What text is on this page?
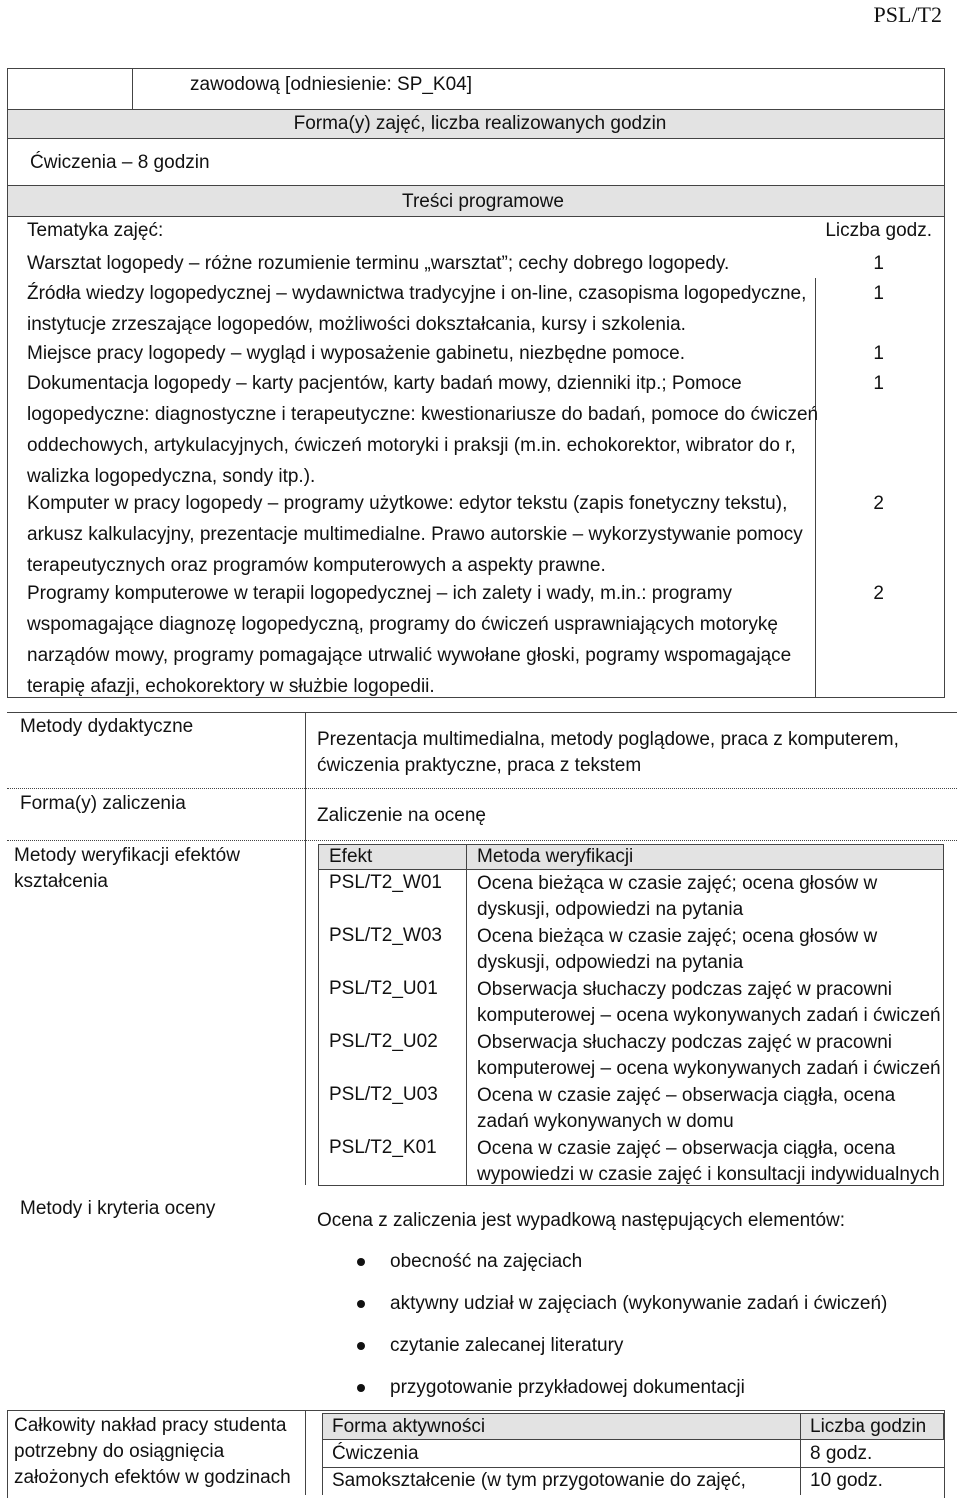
PSL/T2
zawodową [odniesienie: SP_K04]
Forma(y) zajęć, liczba realizowanych godzin
Ćwiczenia – 8 godzin
Treści programowe
Tematyka zajęć:	Liczba godz.
Warsztat logopedy – różne rozumienie terminu „warsztat”; cechy dobrego logopedy.	1
Źródła wiedzy logopedycznej – wydawnictwa tradycyjne i on-line, czasopisma logopedyczne,
instytucje zrzeszające logopedów, możliwości dokształcania, kursy i szkolenia.
1
Miejsce pracy logopedy – wygląd i wyposażenie gabinetu, niezbędne pomoce.	1
Dokumentacja logopedy – karty pacjentów, karty badań mowy, dzienniki itp.; Pomoce
logopedyczne: diagnostyczne i terapeutyczne: kwestionariusze do badań, pomoce do ćwiczeń
oddechowych, artykulacyjnych, ćwiczeń motoryki i praksji (m.in. echokorektor, wibrator do r,
walizka logopedyczna, sondy itp.).
1
Komputer w pracy logopedy – programy użytkowe: edytor tekstu (zapis fonetyczny tekstu),
arkusz kalkulacyjny, prezentacje multimedialne. Prawo autorskie – wykorzystywanie pomocy
terapeutycznych oraz programów komputerowych a aspekty prawne.
2
Programy komputerowe w terapii logopedycznej – ich zalety i wady, m.in.: programy
wspomagające diagnozę logopedyczną, programy do ćwiczeń usprawniających motorykę
narządów mowy, programy pomagające utrwalić wywołane głoski, pogramy wspomagające
terapię afazji, echokorektory w służbie logopedii.
2
Metody dydaktyczne
Prezentacja multimedialna, metody poglądowe, praca z komputerem,
ćwiczenia praktyczne, praca z tekstem
Forma(y) zaliczenia
Zaliczenie na ocenę
Metody weryfikacji efektów
kształcenia
Efekt	Metoda weryfikacji
PSL/T2_W01 Ocena bieżąca w czasie zajęć; ocena głosów w
dyskusji, odpowiedzi na pytania
PSL/T2_W03 Ocena bieżąca w czasie zajęć; ocena głosów w
dyskusji, odpowiedzi na pytania
PSL/T2_U01 Obserwacja słuchaczy podczas zajęć w pracowni
komputerowej – ocena wykonywanych zadań i ćwiczeń
PSL/T2_U02 Obserwacja słuchaczy podczas zajęć w pracowni
komputerowej – ocena wykonywanych zadań i ćwiczeń
PSL/T2_U03 Ocena w czasie zajęć – obserwacja ciągła, ocena
zadań wykonywanych w domu
PSL/T2_K01 Ocena w czasie zajęć – obserwacja ciągła, ocena
wypowiedzi w czasie zajęć i konsultacji indywidualnych
Metody i kryteria oceny
Ocena z zaliczenia jest wypadkową następujących elementów:
obecność na zajęciach
aktywny udział w zajęciach (wykonywanie zadań i ćwiczeń)
czytanie zalecanej literatury
przygotowanie przykładowej dokumentacji
Całkowity nakład pracy studenta
potrzebny do osiągnięcia
założonych efektów w godzinach
Forma aktywności	Liczba godzin
Ćwiczenia	8 godz.
Samokształcenie (w tym przygotowanie do zajęć,	10 godz.
